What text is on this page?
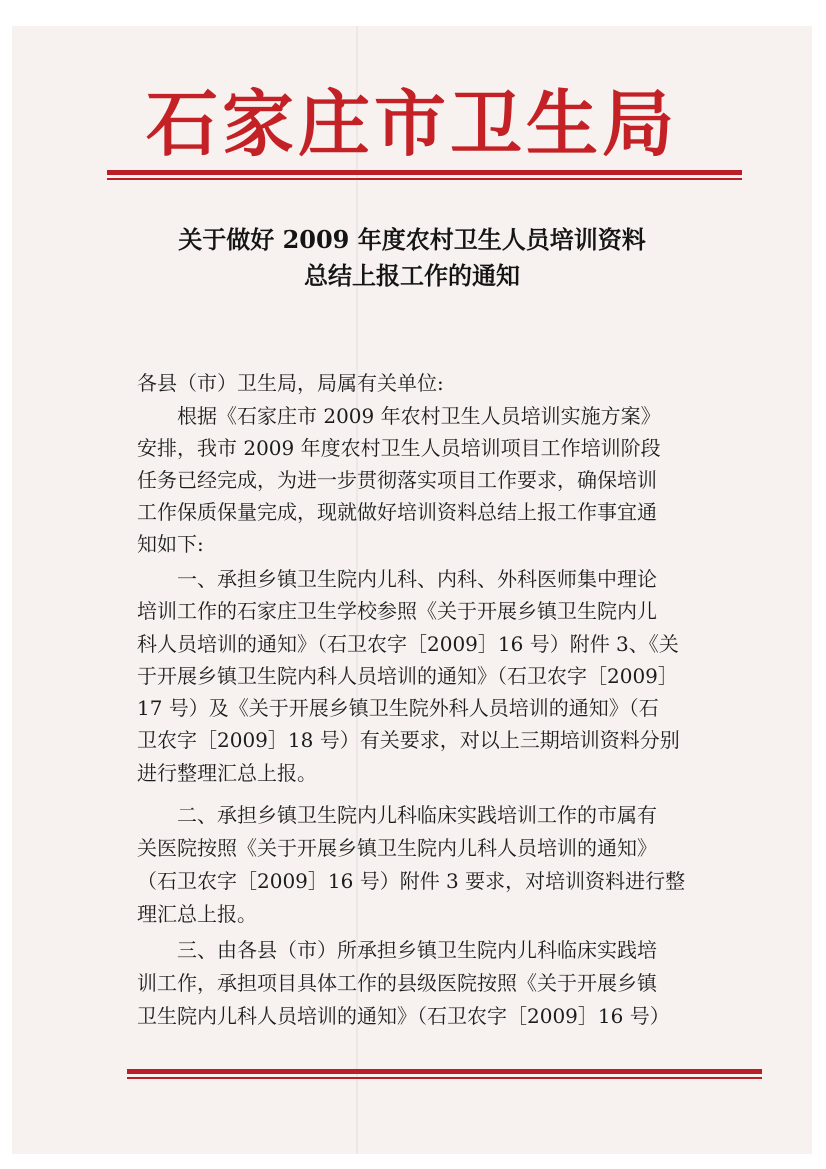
石家庄市卫生局
关于做好 2009 年度农村卫生人员培训资料
总结上报工作的通知
各县（市）卫生局，局属有关单位:
　　根据《石家庄市 2009 年农村卫生人员培训实施方案》
安排，我市 2009 年度农村卫生人员培训项目工作培训阶段
任务已经完成，为进一步贯彻落实项目工作要求，确保培训
工作保质保量完成，现就做好培训资料总结上报工作事宜通
知如下:
　　一、承担乡镇卫生院内儿科、内科、外科医师集中理论
培训工作的石家庄卫生学校参照《关于开展乡镇卫生院内儿
科人员培训的通知》（石卫农字［2009］16 号）附件 3、《关
于开展乡镇卫生院内科人员培训的通知》（石卫农字［2009］
17 号）及《关于开展乡镇卫生院外科人员培训的通知》（石
卫农字［2009］18 号）有关要求，对以上三期培训资料分别
进行整理汇总上报。
　　二、承担乡镇卫生院内儿科临床实践培训工作的市属有
关医院按照《关于开展乡镇卫生院内儿科人员培训的通知》
（石卫农字［2009］16 号）附件 3 要求，对培训资料进行整
理汇总上报。
　　三、由各县（市）所承担乡镇卫生院内儿科临床实践培
训工作，承担项目具体工作的县级医院按照《关于开展乡镇
卫生院内儿科人员培训的通知》（石卫农字［2009］16 号）
